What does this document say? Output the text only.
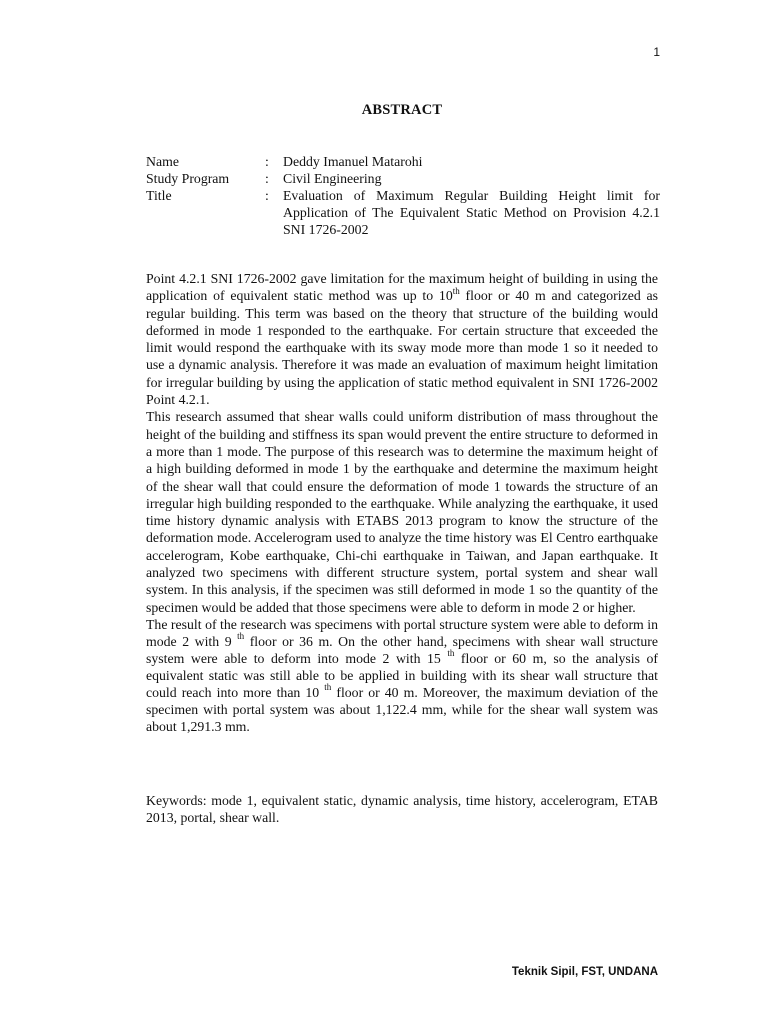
1
ABSTRACT
Name	:	Deddy Imanuel Matarohi
Study Program	:	Civil Engineering
Title	:	Evaluation of Maximum Regular Building Height limit for Application of The Equivalent Static Method on Provision 4.2.1 SNI 1726-2002

Point 4.2.1 SNI 1726-2002 gave limitation for the maximum height of building in using the application of equivalent static method was up to 10th floor or 40 m and categorized as regular building. This term was based on the theory that structure of the building would deformed in mode 1 responded to the earthquake. For certain structure that exceeded the limit would respond the earthquake with its sway mode more than mode 1 so it needed to use a dynamic analysis. Therefore it was made an evaluation of maximum height limitation for irregular building by using the application of static method equivalent in SNI 1726-2002 Point 4.2.1.

This research assumed that shear walls could uniform distribution of mass throughout the height of the building and stiffness its span would prevent the entire structure to deformed in a more than 1 mode. The purpose of this research was to determine the maximum height of a high building deformed in mode 1 by the earthquake and determine the maximum height of the shear wall that could ensure the deformation of mode 1 towards the structure of an irregular high building responded to the earthquake. While analyzing the earthquake, it used time history dynamic analysis with ETABS 2013 program to know the structure of the deformation mode. Accelerogram used to analyze the time history was El Centro earthquake accelerogram, Kobe earthquake, Chi-chi earthquake in Taiwan, and Japan earthquake. It analyzed two specimens with different structure system, portal system and shear wall system. In this analysis, if the specimen was still deformed in mode 1 so the quantity of the specimen would be added that those specimens were able to deform in mode 2 or higher.

The result of the research was specimens with portal structure system were able to deform in mode 2 with 9 $^{th}$ floor or 36 m. On the other hand, specimens with shear wall structure system were able to deform into mode 2 with 15 $^{th}$ floor or 60 m, so the analysis of equivalent static was still able to be applied in building with its shear wall structure that could reach into more than 10 $^{th}$ floor or 40 m. Moreover, the maximum deviation of the specimen with portal system was about 1,122.4 mm, while for the shear wall system was about 1,291.3 mm.

Keywords: mode 1, equivalent static, dynamic analysis, time history, accelerogram, ETAB 2013, portal, shear wall.
Teknik Sipil, FST, UNDANA
